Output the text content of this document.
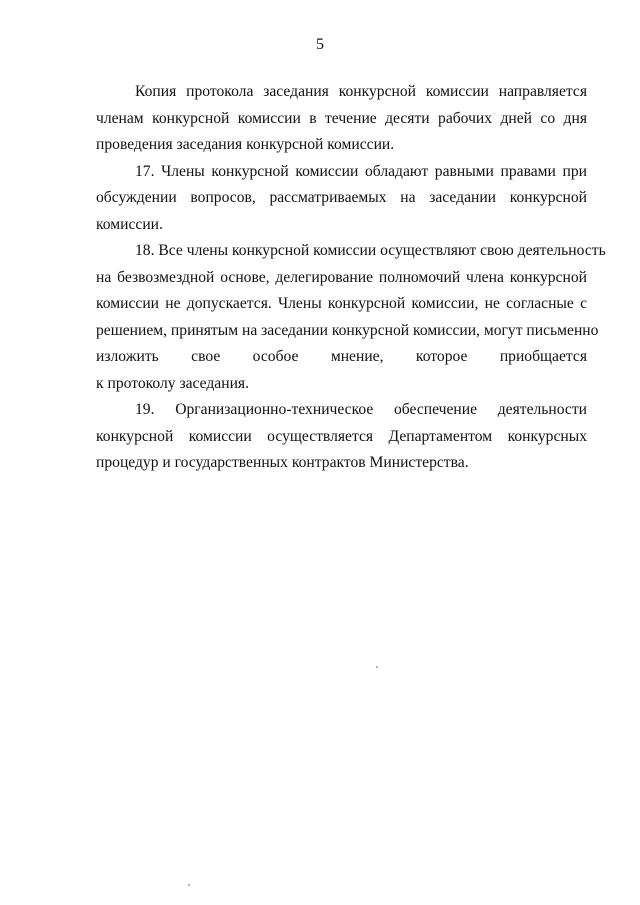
5
Копия протокола заседания конкурсной комиссии направляется
членам конкурсной комиссии в течение десяти рабочих дней со дня
проведения заседания конкурсной комиссии.
17. Члены конкурсной комиссии обладают равными правами при
обсуждении вопросов, рассматриваемых на заседании конкурсной
комиссии.
18. Все члены конкурсной комиссии осуществляют свою деятельность
на безвозмездной основе, делегирование полномочий члена конкурсной
комиссии не допускается. Члены конкурсной комиссии, не согласные с
решением, принятым на заседании конкурсной комиссии, могут письменно
изложить свое особое мнение, которое приобщается
к протоколу заседания.
19. Организационно-техническое обеспечение деятельности
конкурсной комиссии осуществляется Департаментом конкурсных
процедур и государственных контрактов Министерства.
